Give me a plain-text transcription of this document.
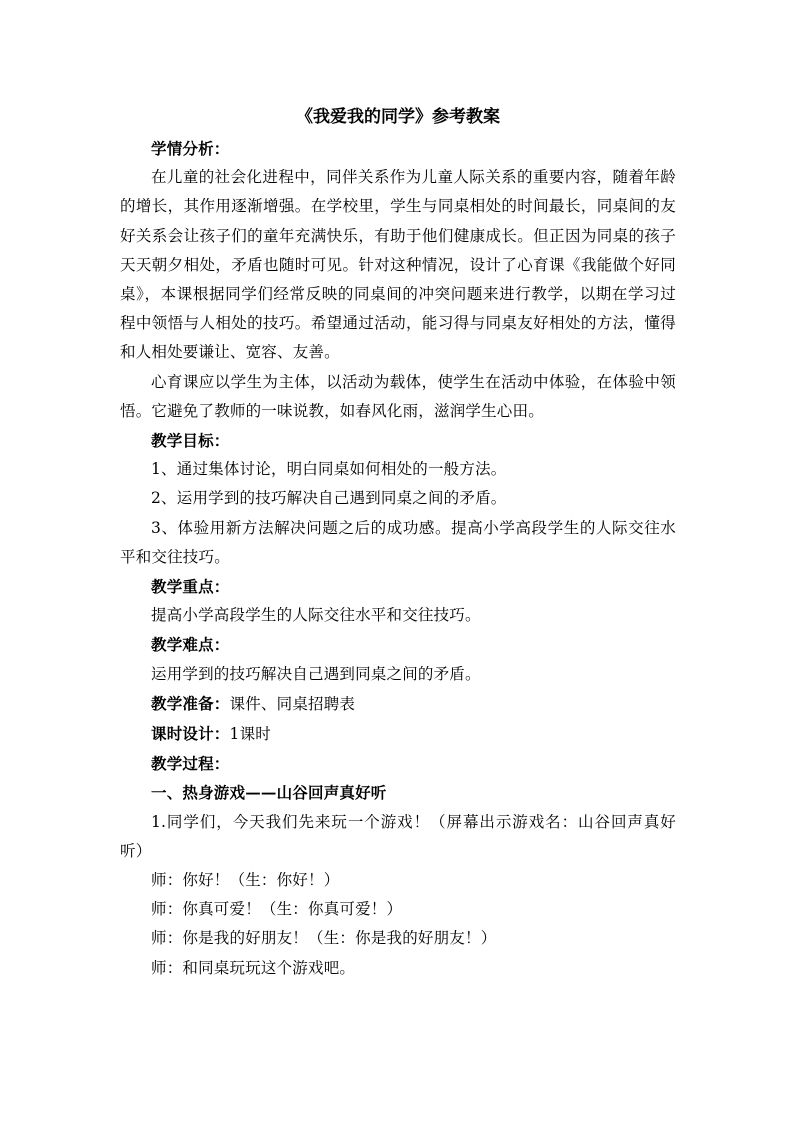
《我爱我的同学》参考教案

学情分析：

在儿童的社会化进程中，同伴关系作为儿童人际关系的重要内容，随着年龄的增长，其作用逐渐增强。在学校里，学生与同桌相处的时间最长，同桌间的友好关系会让孩子们的童年充满快乐，有助于他们健康成长。但正因为同桌的孩子天天朝夕相处，矛盾也随时可见。针对这种情况，设计了心育课《我能做个好同桌》，本课根据同学们经常反映的同桌间的冲突问题来进行教学，以期在学习过程中领悟与人相处的技巧。希望通过活动，能习得与同桌友好相处的方法，懂得和人相处要谦让、宽容、友善。

心育课应以学生为主体，以活动为载体，使学生在活动中体验，在体验中领悟。它避免了教师的一味说教，如春风化雨，滋润学生心田。

教学目标：

1、通过集体讨论，明白同桌如何相处的一般方法。

2、运用学到的技巧解决自己遇到同桌之间的矛盾。

3、体验用新方法解决问题之后的成功感。提高小学高段学生的人际交往水平和交往技巧。

教学重点：

提高小学高段学生的人际交往水平和交往技巧。

教学难点：

运用学到的技巧解决自己遇到同桌之间的矛盾。

教学准备：课件、同桌招聘表

课时设计：1课时

教学过程：

一、热身游戏——山谷回声真好听

1.同学们，今天我们先来玩一个游戏！（屏幕出示游戏名：山谷回声真好听）

师：你好！（生：你好！）

师：你真可爱！（生：你真可爱！）

师：你是我的好朋友！（生：你是我的好朋友！）

师：和同桌玩玩这个游戏吧。
